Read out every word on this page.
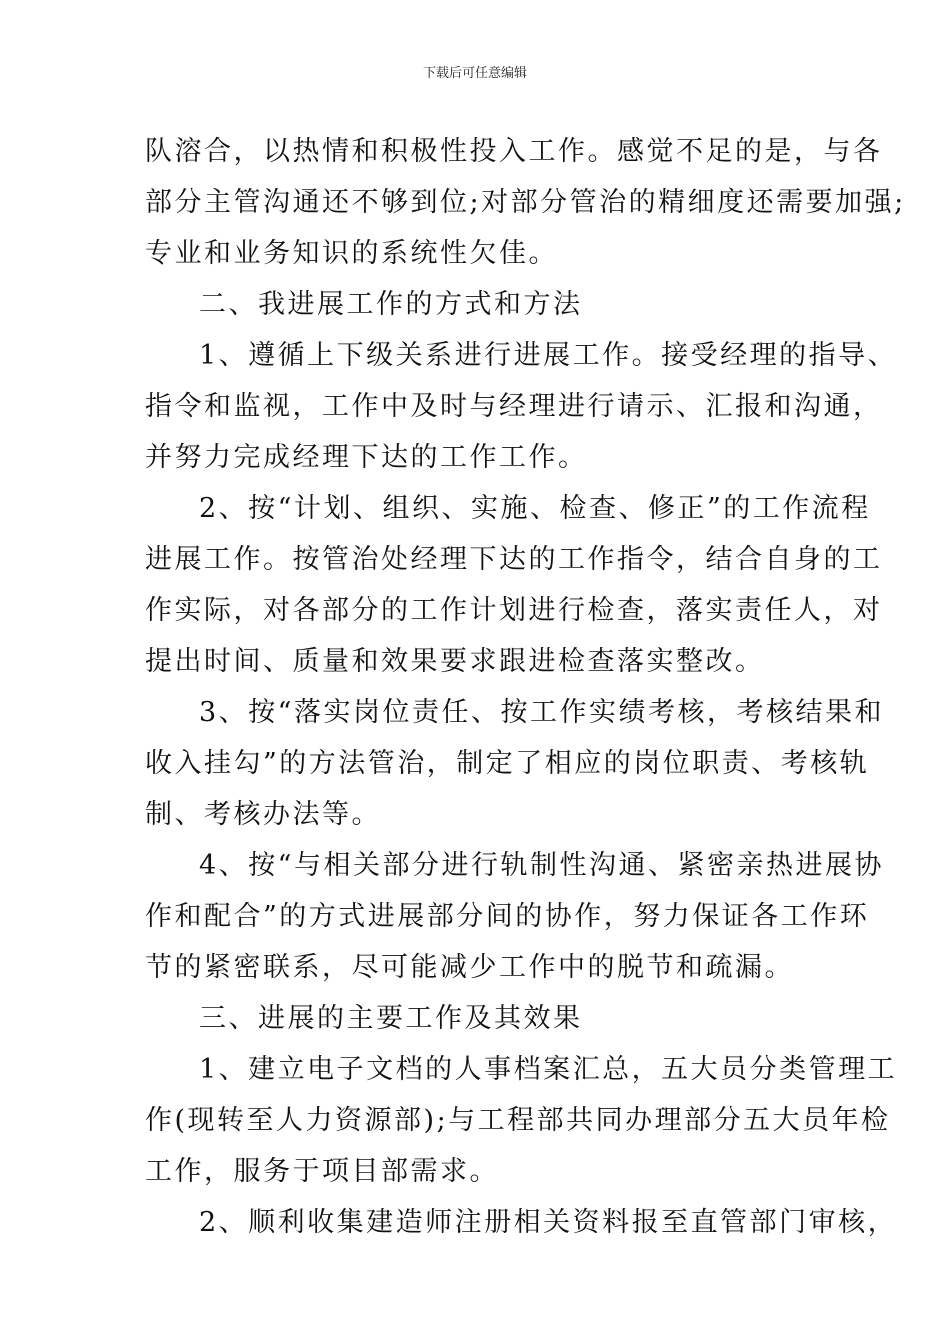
下载后可任意编辑
队溶合，以热情和积极性投入工作。感觉不足的是，与各
部分主管沟通还不够到位;对部分管治的精细度还需要加强;
专业和业务知识的系统性欠佳。
二、我进展工作的方式和方法
1、遵循上下级关系进行进展工作。接受经理的指导、
指令和监视，工作中及时与经理进行请示、汇报和沟通，
并努力完成经理下达的工作工作。
2、按“计划、组织、实施、检查、修正”的工作流程
进展工作。按管治处经理下达的工作指令，结合自身的工
作实际，对各部分的工作计划进行检查，落实责任人，对
提出时间、质量和效果要求跟进检查落实整改。
3、按“落实岗位责任、按工作实绩考核，考核结果和
收入挂勾”的方法管治，制定了相应的岗位职责、考核轨
制、考核办法等。
4、按“与相关部分进行轨制性沟通、紧密亲热进展协
作和配合”的方式进展部分间的协作，努力保证各工作环
节的紧密联系，尽可能减少工作中的脱节和疏漏。
三、进展的主要工作及其效果
1、建立电子文档的人事档案汇总，五大员分类管理工
作(现转至人力资源部);与工程部共同办理部分五大员年检
工作，服务于项目部需求。
2、顺利收集建造师注册相关资料报至直管部门审核，
